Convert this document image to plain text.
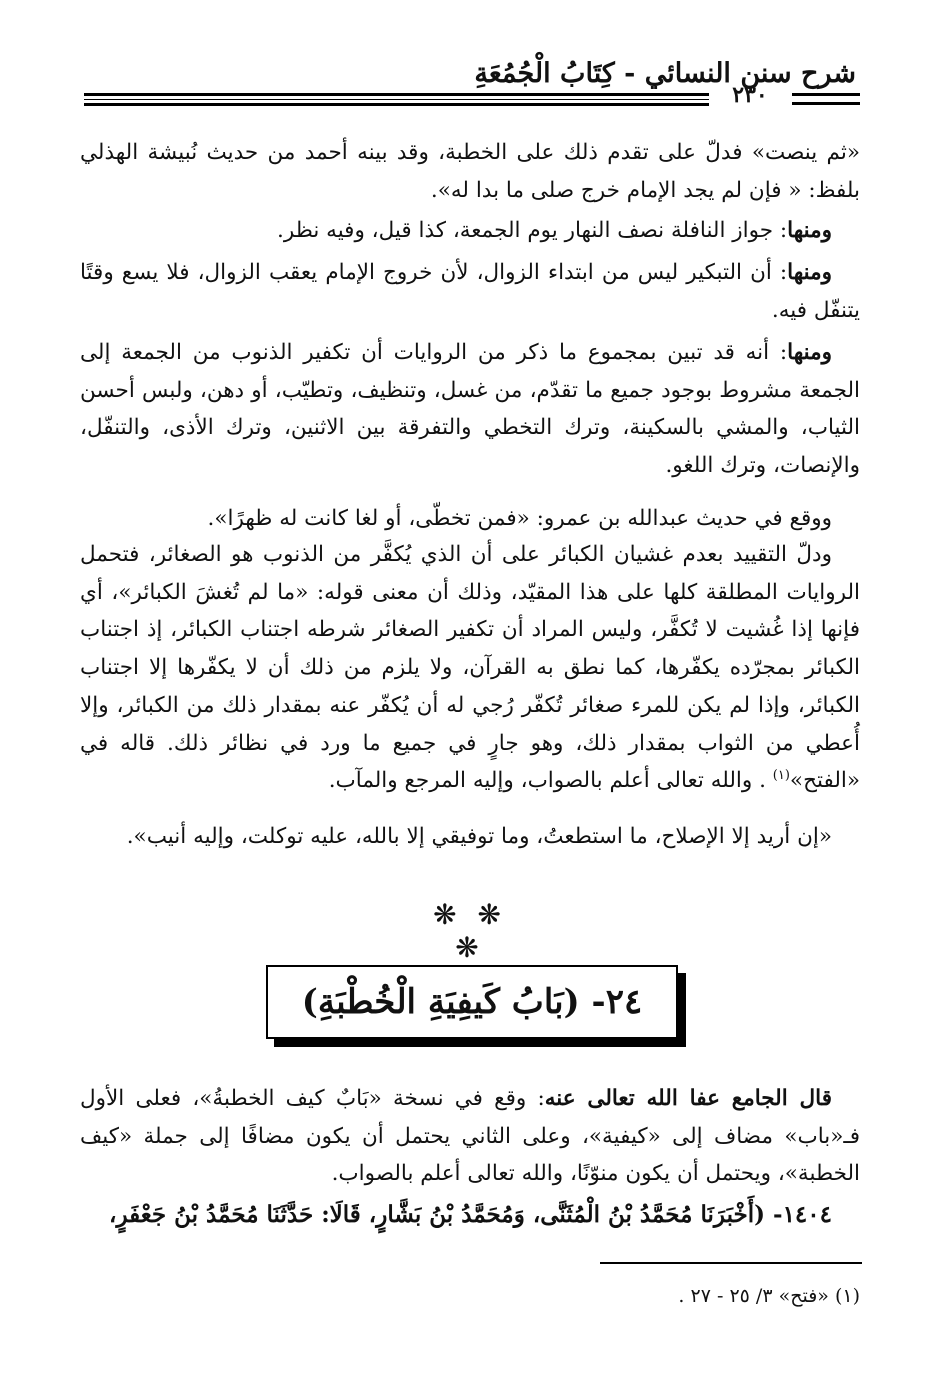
شرح سنن النسائي - كِتَابُ الْجُمُعَةِ
٢٣٠

«ثم ينصت» فدلّ على تقدم ذلك على الخطبة، وقد بينه أحمد من حديث نُبيشة الهذلي بلفظ: « فإن لم يجد الإمام خرج صلى ما بدا له».

ومنها: جواز النافلة نصف النهار يوم الجمعة، كذا قيل، وفيه نظر.

ومنها: أن التبكير ليس من ابتداء الزوال، لأن خروج الإمام يعقب الزوال، فلا يسع وقتًا يتنفّل فيه.

ومنها: أنه قد تبين بمجموع ما ذكر من الروايات أن تكفير الذنوب من الجمعة إلى الجمعة مشروط بوجود جميع ما تقدّم، من غسل، وتنظيف، وتطيّب، أو دهن، ولبس أحسن الثياب، والمشي بالسكينة، وترك التخطي والتفرقة بين الاثنين، وترك الأذى، والتنفّل، والإنصات، وترك اللغو.

ووقع في حديث عبدالله بن عمرو: «فمن تخطّى، أو لغا كانت له ظهرًا».

ودلّ التقييد بعدم غشيان الكبائر على أن الذي يُكفَّر من الذنوب هو الصغائر، فتحمل الروايات المطلقة كلها على هذا المقيّد، وذلك أن معنى قوله: «ما لم تُغشَ الكبائر»، أي فإنها إذا غُشيت لا تُكفَّر، وليس المراد أن تكفير الصغائر شرطه اجتناب الكبائر، إذ اجتناب الكبائر بمجرّده يكفّرها، كما نطق به القرآن، ولا يلزم من ذلك أن لا يكفّرها إلا اجتناب الكبائر، وإذا لم يكن للمرء صغائر تُكفّر رُجي له أن يُكفّر عنه بمقدار ذلك من الكبائر، وإلا أُعطي من الثواب بمقدار ذلك، وهو جارٍ في جميع ما ورد في نظائر ذلك. قاله في «الفتح»$^{(١)}$ . والله تعالى أعلم بالصواب، وإليه المرجع والمآب.

«إن أريد إلا الإصلاح، ما استطعتُ، وما توفيقي إلا بالله، عليه توكلت، وإليه أنيب».

❋ ❋ ❋
٢٤- (بَابُ كَيفِيَةِ الْخُطْبَةِ)

قال الجامع عفا الله تعالى عنه: وقع في نسخة «بَابٌ كيف الخطبةُ»، فعلى الأول فـ«باب» مضاف إلى «كيفية»، وعلى الثاني يحتمل أن يكون مضافًا إلى جملة «كيف الخطبة»، ويحتمل أن يكون منوّنًا، والله تعالى أعلم بالصواب.

١٤٠٤- (أَخْبَرَنَا مُحَمَّدُ بْنُ الْمُثَنَّى، وَمُحَمَّدُ بْنُ بَشَّارٍ، قَالَا: حَدَّثَنَا مُحَمَّدُ بْنُ جَعْفَرٍ،

(١) «فتح» ٣/ ٢٥ - ٢٧ .
